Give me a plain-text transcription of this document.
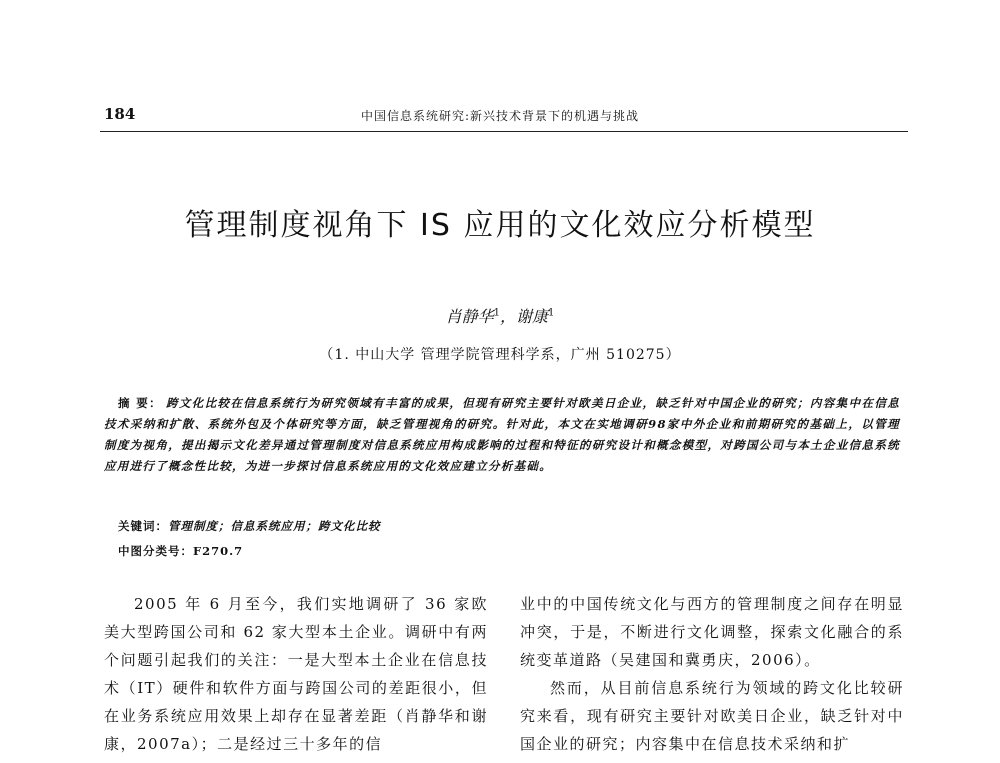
184	中国信息系统研究:新兴技术背景下的机遇与挑战
管理制度视角下 IS 应用的文化效应分析模型
肖静华$^1$，谢康$^1$
（1. 中山大学 管理学院管理科学系，广州 510275）
摘 要： 跨文化比较在信息系统行为研究领域有丰富的成果，但现有研究主要针对欧美日企业，缺乏针对中国企业的研究；内容集中在信息技术采纳和扩散、系统外包及个体研究等方面，缺乏管理视角的研究。针对此，本文在实地调研98家中外企业和前期研究的基础上，以管理制度为视角，提出揭示文化差异通过管理制度对信息系统应用构成影响的过程和特征的研究设计和概念模型，对跨国公司与本土企业信息系统应用进行了概念性比较，为进一步探讨信息系统应用的文化效应建立分析基础。
关键词：管理制度；信息系统应用；跨文化比较
中图分类号：F270.7

2005 年 6 月至今，我们实地调研了 36 家欧美大型跨国公司和 62 家大型本土企业。调研中有两个问题引起我们的关注：一是大型本土企业在信息技术（IT）硬件和软件方面与跨国公司的差距很小，但在业务系统应用效果上却存在显著差距（肖静华和谢康，2007a）；二是经过三十多年的信

业中的中国传统文化与西方的管理制度之间存在明显冲突，于是，不断进行文化调整，探索文化融合的系统变革道路（吴建国和冀勇庆，2006）。

然而，从目前信息系统行为领域的跨文化比较研究来看，现有研究主要针对欧美日企业，缺乏针对中国企业的研究；内容集中在信息技术采纳和扩
